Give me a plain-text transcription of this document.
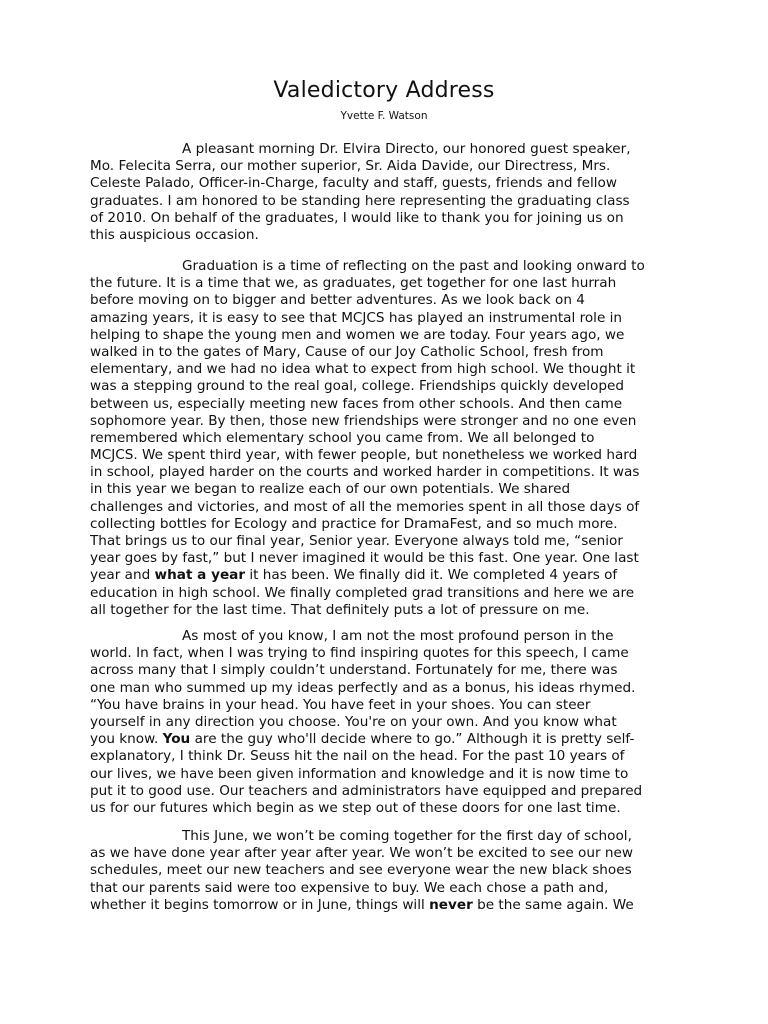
Valedictory Address

Yvette F. Watson

A pleasant morning Dr. Elvira Directo, our honored guest speaker,
Mo. Felecita Serra, our mother superior, Sr. Aida Davide, our Directress, Mrs.
Celeste Palado, Officer-in-Charge, faculty and staff, guests, friends and fellow
graduates. I am honored to be standing here representing the graduating class
of 2010. On behalf of the graduates, I would like to thank you for joining us on
this auspicious occasion.
Graduation is a time of reflecting on the past and looking onward to
the future. It is a time that we, as graduates, get together for one last hurrah
before moving on to bigger and better adventures. As we look back on 4
amazing years, it is easy to see that MCJCS has played an instrumental role in
helping to shape the young men and women we are today. Four years ago, we
walked in to the gates of Mary, Cause of our Joy Catholic School, fresh from
elementary, and we had no idea what to expect from high school. We thought it
was a stepping ground to the real goal, college. Friendships quickly developed
between us, especially meeting new faces from other schools. And then came
sophomore year. By then, those new friendships were stronger and no one even
remembered which elementary school you came from. We all belonged to
MCJCS. We spent third year, with fewer people, but nonetheless we worked hard
in school, played harder on the courts and worked harder in competitions. It was
in this year we began to realize each of our own potentials. We shared
challenges and victories, and most of all the memories spent in all those days of
collecting bottles for Ecology and practice for DramaFest, and so much more.
That brings us to our final year, Senior year. Everyone always told me, “senior
year goes by fast,” but I never imagined it would be this fast. One year. One last
year and what a year it has been. We finally did it. We completed 4 years of
education in high school. We finally completed grad transitions and here we are
all together for the last time. That definitely puts a lot of pressure on me.
As most of you know, I am not the most profound person in the
world. In fact, when I was trying to find inspiring quotes for this speech, I came
across many that I simply couldn’t understand. Fortunately for me, there was
one man who summed up my ideas perfectly and as a bonus, his ideas rhymed.
“You have brains in your head. You have feet in your shoes. You can steer
yourself in any direction you choose. You're on your own. And you know what
you know. You are the guy who'll decide where to go.” Although it is pretty self-
explanatory, I think Dr. Seuss hit the nail on the head. For the past 10 years of
our lives, we have been given information and knowledge and it is now time to
put it to good use. Our teachers and administrators have equipped and prepared
us for our futures which begin as we step out of these doors for one last time.
This June, we won’t be coming together for the first day of school,
as we have done year after year after year. We won’t be excited to see our new
schedules, meet our new teachers and see everyone wear the new black shoes
that our parents said were too expensive to buy. We each chose a path and,
whether it begins tomorrow or in June, things will never be the same again. We
